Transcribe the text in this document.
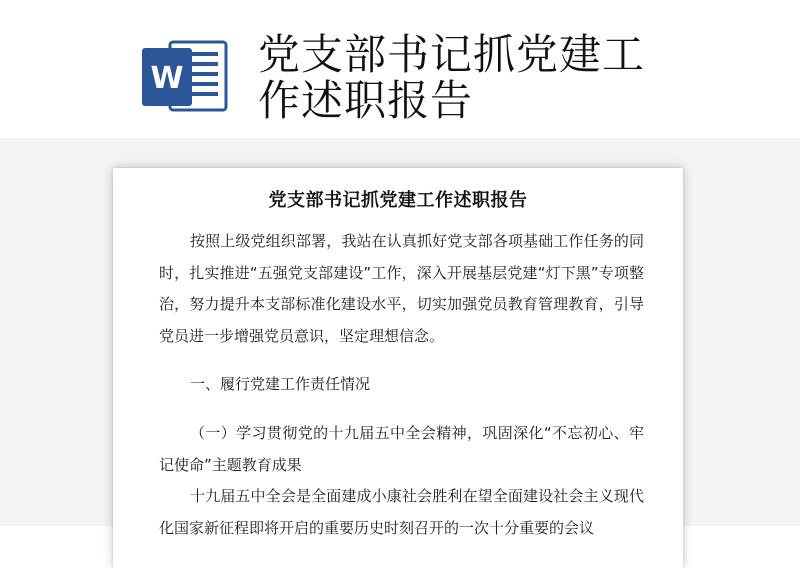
W 党支部书记抓党建工作述职报告
党支部书记抓党建工作述职报告
按照上级党组织部署，我站在认真抓好党支部各项基础工作任务的同时，扎实推进“五强党支部建设”工作，深入开展基层党建“灯下黑”专项整治，努力提升本支部标准化建设水平，切实加强党员教育管理教育，引导党员进一步增强党员意识，坚定理想信念。
一、履行党建工作责任情况
（一）学习贯彻党的十九届五中全会精神，巩固深化“不忘初心、牢记使命”主题教育成果
十九届五中全会是全面建成小康社会胜利在望全面建设社会主义现代化国家新征程即将开启的重要历史时刻召开的一次十分重要的会议
